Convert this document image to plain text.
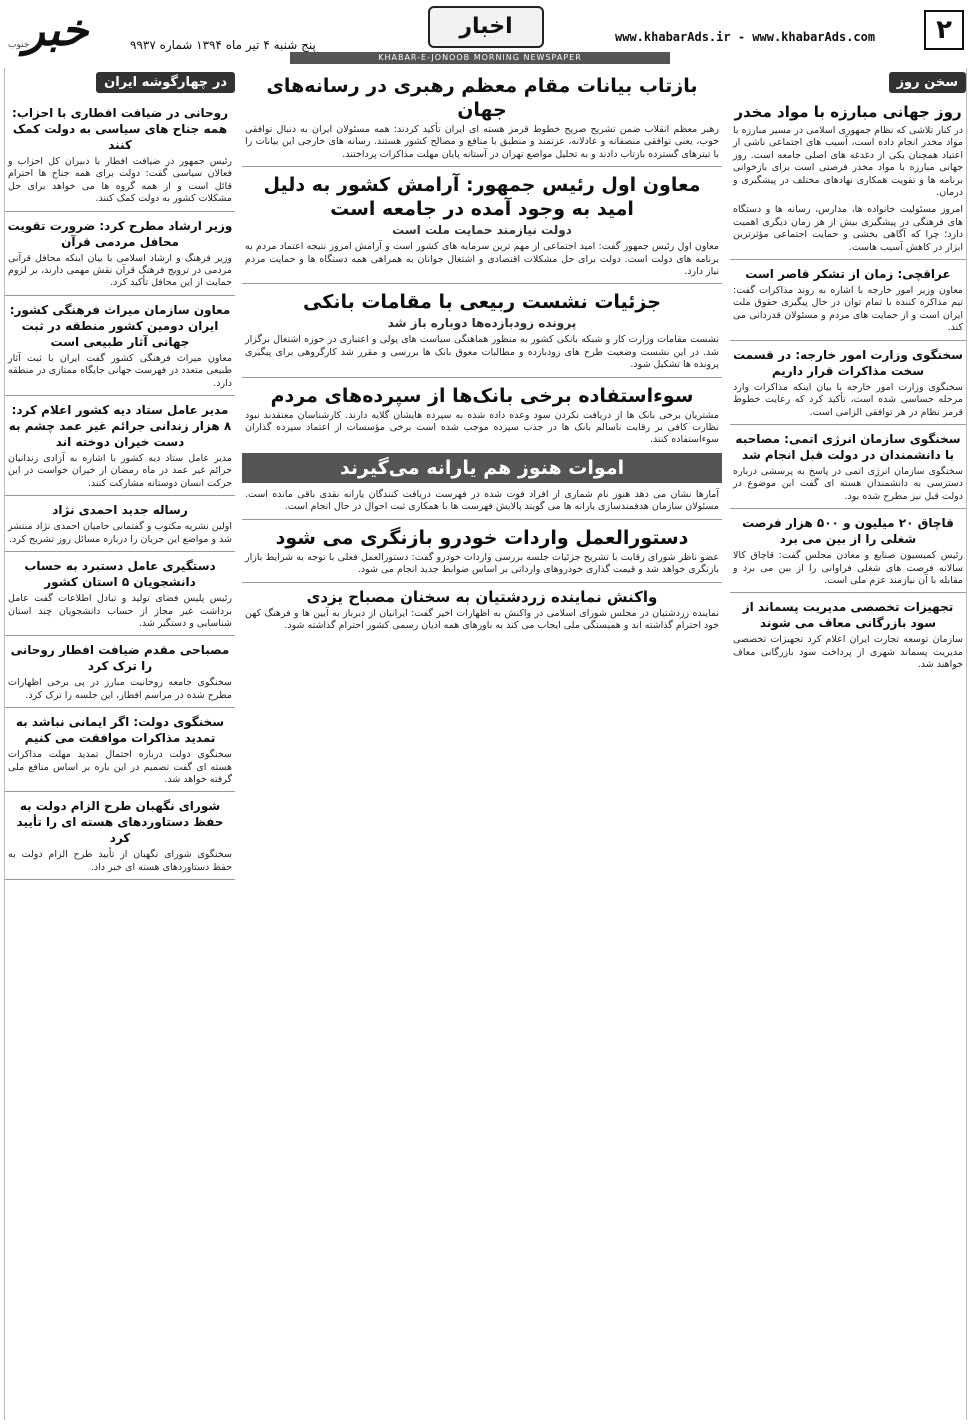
خبر
جنوب	پنج شنبه ۴ تیر ماه ۱۳۹۴ شماره ۹۹۳۷
اخبار	www.khabarAds.ir - www.khabarAds.com	۲
KHABAR-E-JONOOB MORNING NEWSPAPER
سخن روز
روز جهانی مبارزه با مواد مخدر

در کنار تلاشی که نظام جمهوری اسلامی در مسیر مبارزه با مواد مخدر انجام داده است، آسیب های اجتماعی ناشی از اعتیاد همچنان یکی از دغدغه های اصلی جامعه است. روز جهانی مبارزه با مواد مخدر فرصتی است برای بازخوانی برنامه ها و تقویت همکاری نهادهای مختلف در پیشگیری و درمان.

امروز مسئولیت خانواده ها، مدارس، رسانه ها و دستگاه های فرهنگی در پیشگیری بیش از هر زمان دیگری اهمیت دارد؛ چرا که آگاهی بخشی و حمایت اجتماعی مؤثرترین ابزار در کاهش آسیب هاست.

عراقچی: زمان از تشکر قاصر است

معاون وزیر امور خارجه با اشاره به روند مذاکرات گفت: تیم مذاکره کننده با تمام توان در حال پیگیری حقوق ملت ایران است و از حمایت های مردم و مسئولان قدردانی می کند.

سخنگوی وزارت امور خارجه: در قسمت سخت مذاکرات قرار داریم

سخنگوی وزارت امور خارجه با بیان اینکه مذاکرات وارد مرحله حساسی شده است، تأکید کرد که رعایت خطوط قرمز نظام در هر توافقی الزامی است.

سخنگوی سازمان انرژی اتمی: مصاحبه با دانشمندان در دولت قبل انجام شد

سخنگوی سازمان انرژی اتمی در پاسخ به پرسشی درباره دسترسی به دانشمندان هسته ای گفت این موضوع در دولت قبل نیز مطرح شده بود.

قاچاق ۲۰ میلیون و ۵۰۰ هزار فرصت شغلی را از بین می برد

رئیس کمیسیون صنایع و معادن مجلس گفت: قاچاق کالا سالانه فرصت های شغلی فراوانی را از بین می برد و مقابله با آن نیازمند عزم ملی است.

تجهیزات تخصصی مدیریت پسماند از سود بازرگانی معاف می شوند

سازمان توسعه تجارت ایران اعلام کرد تجهیزات تخصصی مدیریت پسماند شهری از پرداخت سود بازرگانی معاف خواهند شد.

بازتاب بیانات مقام معظم رهبری در رسانه‌های جهان

رهبر معظم انقلاب ضمن تشریح صریح خطوط قرمز هسته ای ایران تأکید کردند: همه مسئولان ایران به دنبال توافقی خوب، یعنی توافقی منصفانه و عادلانه، عزتمند و منطبق با منافع و مصالح کشور هستند. رسانه های خارجی این بیانات را با تیترهای گسترده بازتاب دادند و به تحلیل مواضع تهران در آستانه پایان مهلت مذاکرات پرداختند.

معاون اول رئیس جمهور: آرامش کشور به دلیل امید به وجود آمده در جامعه است
دولت نیازمند حمایت ملت است

معاون اول رئیس جمهور گفت: امید اجتماعی از مهم ترین سرمایه های کشور است و آرامش امروز نتیجه اعتماد مردم به برنامه های دولت است. دولت برای حل مشکلات اقتصادی و اشتغال جوانان به همراهی همه دستگاه ها و حمایت مردم نیاز دارد.

جزئیات نشست ربیعی با مقامات بانکی
پرونده زودبازده‌ها دوباره باز شد

نشست مقامات وزارت کار و شبکه بانکی کشور به منظور هماهنگی سیاست های پولی و اعتباری در حوزه اشتغال برگزار شد. در این نشست وضعیت طرح های زودبازده و مطالبات معوق بانک ها بررسی و مقرر شد کارگروهی برای پیگیری پرونده ها تشکیل شود.

سوءاستفاده برخی بانک‌ها از سپرده‌های مردم

مشتریان برخی بانک ها از دریافت نکردن سود وعده داده شده به سپرده هایشان گلایه دارند. کارشناسان معتقدند نبود نظارت کافی بر رقابت ناسالم بانک ها در جذب سپرده موجب شده است برخی مؤسسات از اعتماد سپرده گذاران سوءاستفاده کنند.

اموات هنوز هم یارانه می‌گیرند

آمارها نشان می دهد هنوز نام شماری از افراد فوت شده در فهرست دریافت کنندگان یارانه نقدی باقی مانده است. مسئولان سازمان هدفمندسازی یارانه ها می گویند پالایش فهرست ها با همکاری ثبت احوال در حال انجام است.

دستورالعمل واردات خودرو بازنگری می شود

عضو ناظر شورای رقابت با تشریح جزئیات جلسه بررسی واردات خودرو گفت: دستورالعمل فعلی با توجه به شرایط بازار بازنگری خواهد شد و قیمت گذاری خودروهای وارداتی بر اساس ضوابط جدید انجام می شود.

واکنش نماینده زردشتیان به سخنان مصباح یزدی

نماینده زردشتیان در مجلس شورای اسلامی در واکنش به اظهارات اخیر گفت: ایرانیان از دیرباز به آیین ها و فرهنگ کهن خود احترام گذاشته اند و همبستگی ملی ایجاب می کند به باورهای همه ادیان رسمی کشور احترام گذاشته شود.

در چهارگوشه ایران
روحانی در ضیافت افطاری با احزاب: همه جناح های سیاسی به دولت کمک کنند

رئیس جمهور در ضیافت افطار با دبیران کل احزاب و فعالان سیاسی گفت: دولت برای همه جناح ها احترام قائل است و از همه گروه ها می خواهد برای حل مشکلات کشور به دولت کمک کنند.

وزیر ارشاد مطرح کرد: ضرورت تقویت محافل مردمی قرآن

وزیر فرهنگ و ارشاد اسلامی با بیان اینکه محافل قرآنی مردمی در ترویج فرهنگ قرآن نقش مهمی دارند، بر لزوم حمایت از این محافل تأکید کرد.

معاون سازمان میراث فرهنگی کشور: ایران دومین کشور منطقه در ثبت جهانی آثار طبیعی است

معاون میراث فرهنگی کشور گفت ایران با ثبت آثار طبیعی متعدد در فهرست جهانی جایگاه ممتازی در منطقه دارد.

مدیر عامل ستاد دیه کشور اعلام کرد: ۸ هزار زندانی جرائم غیر عمد چشم به دست خیران دوخته اند

مدیر عامل ستاد دیه کشور با اشاره به آزادی زندانیان جرائم غیر عمد در ماه رمضان از خیران خواست در این حرکت انسان دوستانه مشارکت کنند.

رساله جدید احمدی نژاد

اولین نشریه مکتوب و گفتمانی حامیان احمدی نژاد منتشر شد و مواضع این جریان را درباره مسائل روز تشریح کرد.

دستگیری عامل دستبرد به حساب دانشجویان ۵ استان کشور

رئیس پلیس فضای تولید و تبادل اطلاعات گفت عامل برداشت غیر مجاز از حساب دانشجویان چند استان شناسایی و دستگیر شد.

مصباحی مقدم ضیافت افطار روحانی را ترک کرد

سخنگوی جامعه روحانیت مبارز در پی برخی اظهارات مطرح شده در مراسم افطار، این جلسه را ترک کرد.

سخنگوی دولت: اگر ایمانی نباشد به تمدید مذاکرات موافقت می کنیم

سخنگوی دولت درباره احتمال تمدید مهلت مذاکرات هسته ای گفت تصمیم در این باره بر اساس منافع ملی گرفته خواهد شد.

شورای نگهبان طرح الزام دولت به حفظ دستاوردهای هسته ای را تأیید کرد

سخنگوی شورای نگهبان از تأیید طرح الزام دولت به حفظ دستاوردهای هسته ای خبر داد.
